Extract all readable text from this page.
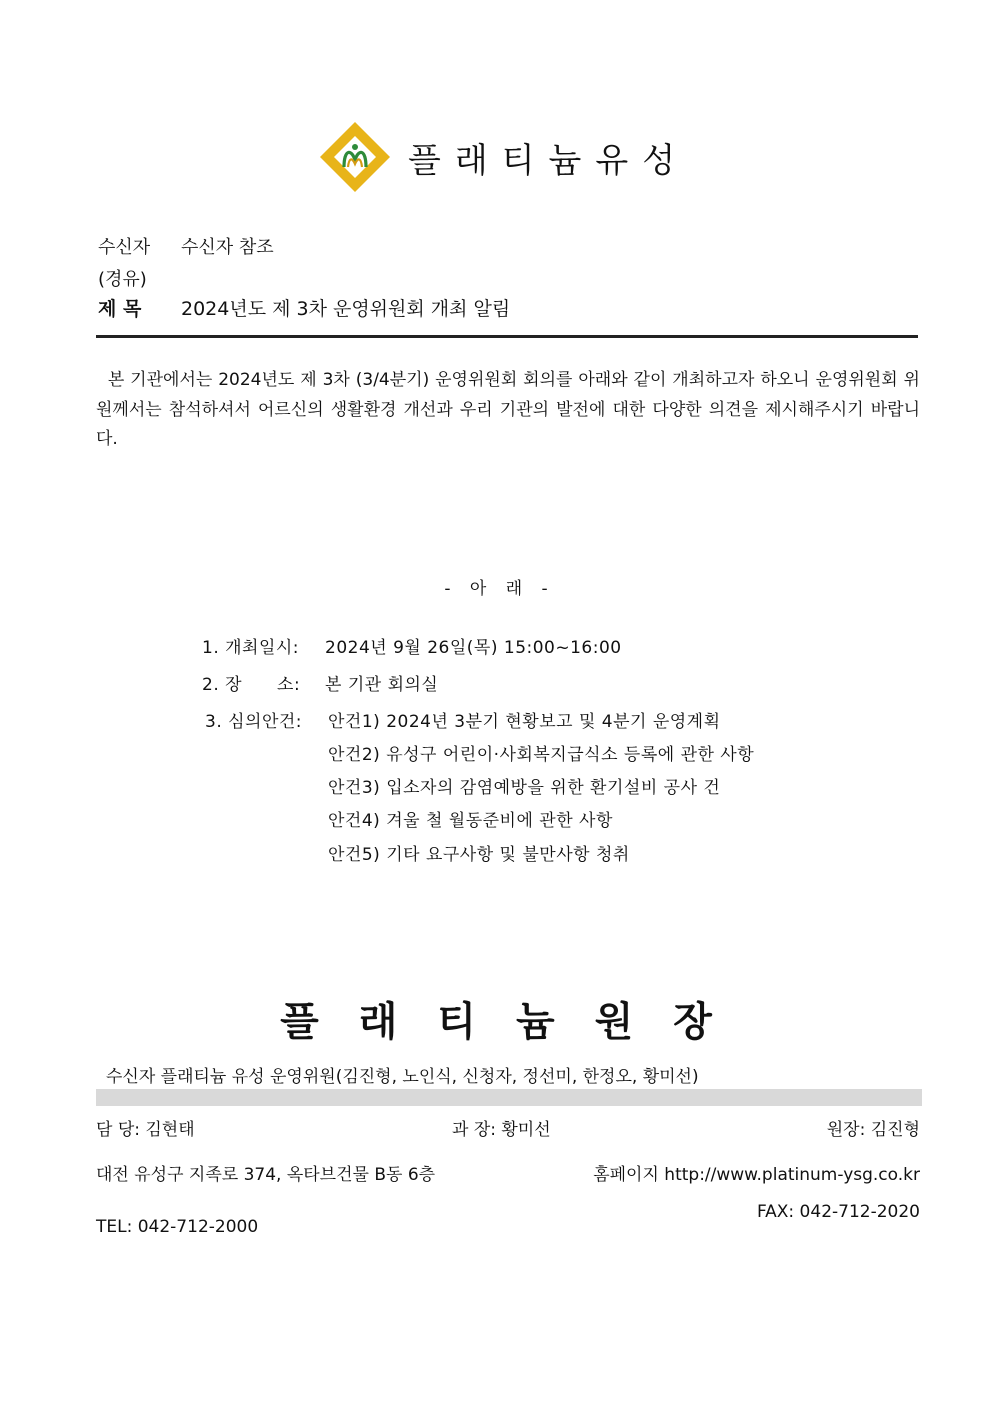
플래티늄유성
수신자 수신자 참조
(경유)
제 목 2024년도 제 3차 운영위원회 개최 알림
본 기관에서는 2024년도 제 3차 (3/4분기) 운영위원회 회의를 아래와 같이 개최하고자 하오니 운영위원회 위원께서는 참석하셔서 어르신의 생활환경 개선과 우리 기관의 발전에 대한 다양한 의견을 제시해주시기 바랍니다.
- 아 래 -
1. 개최일시: 2024년 9월 26일(목) 15:00~16:00
2. 장　　소: 본 기관 회의실
3. 심의안건: 안건1) 2024년 3분기 현황보고 및 4분기 운영계획
안건2) 유성구 어린이·사회복지급식소 등록에 관한 사항
안건3) 입소자의 감염예방을 위한 환기설비 공사 건
안건4) 겨울 철 월동준비에 관한 사항
안건5) 기타 요구사항 및 불만사항 청취
플래티늄원장
수신자 플래티늄 유성 운영위원(김진형, 노인식, 신청자, 정선미, 한정오, 황미선)
담 당: 김현태	과 장: 황미선	원장: 김진형
대전 유성구 지족로 374, 옥타브건물 B동 6층	홈페이지 http://www.platinum-ysg.co.kr
FAX: 042-712-2020
TEL: 042-712-2000
